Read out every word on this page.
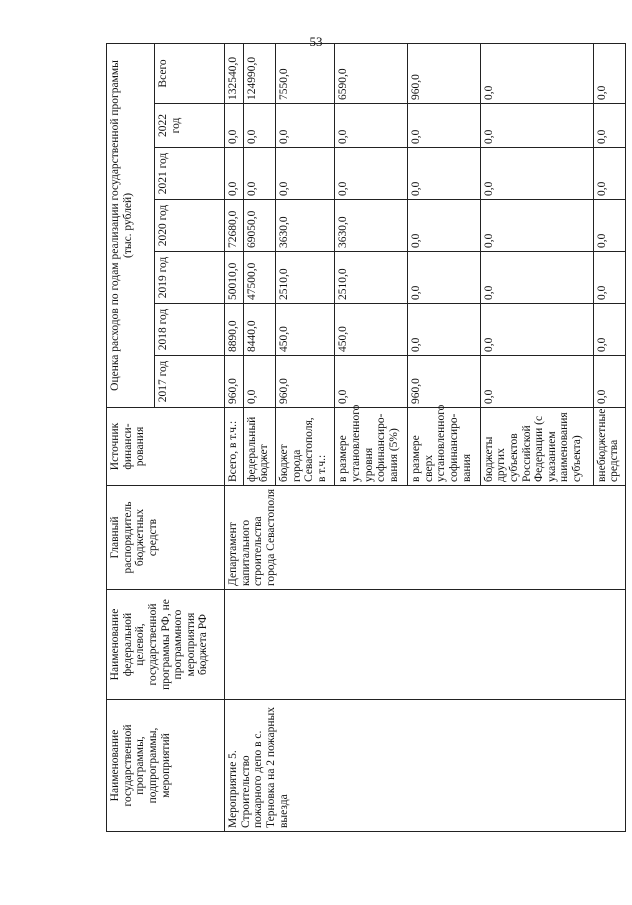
53
Наименование государственной программы, подпрограммы, мероприятий	Наименование федеральной целевой, государственной программы РФ, не программного мероприятия бюджета РФ	Главный распорядитель бюджетных средств	Источник финанси-рования	Оценка расходов по годам реализации государственной программы (тыс. рублей)						
				2017 год	2018 год	2019 год	2020 год	2021 год	2022 год	Всего
Мероприятие 5. Строительство пожарного депо в с. Терновка на 2 пожарных выезда		Департамент капитального строительства города Севастополя	Всего, в т.ч.:	960,0	8890,0	50010,0	72680,0	0,0	0,0	132540,0
			федеральный бюджет	0,0	8440,0	47500,0	69050,0	0,0	0,0	124990,0
			бюджет города Севастополя, в т.ч.:	960,0	450,0	2510,0	3630,0	0,0	0,0	7550,0
			в размере установленного уровня софинансиро-вания (5%)	0,0	450,0	2510,0	3630,0	0,0	0,0	6590,0
			в размере сверх установленного софинансиро-вания	960,0	0,0	0,0	0,0	0,0	0,0	960,0
			бюджеты других субъектов Российской Федерации (с указанием наименования субъекта)	0,0	0,0	0,0	0,0	0,0	0,0	0,0
			внебюджетные средства	0,0	0,0	0,0	0,0	0,0	0,0	0,0
